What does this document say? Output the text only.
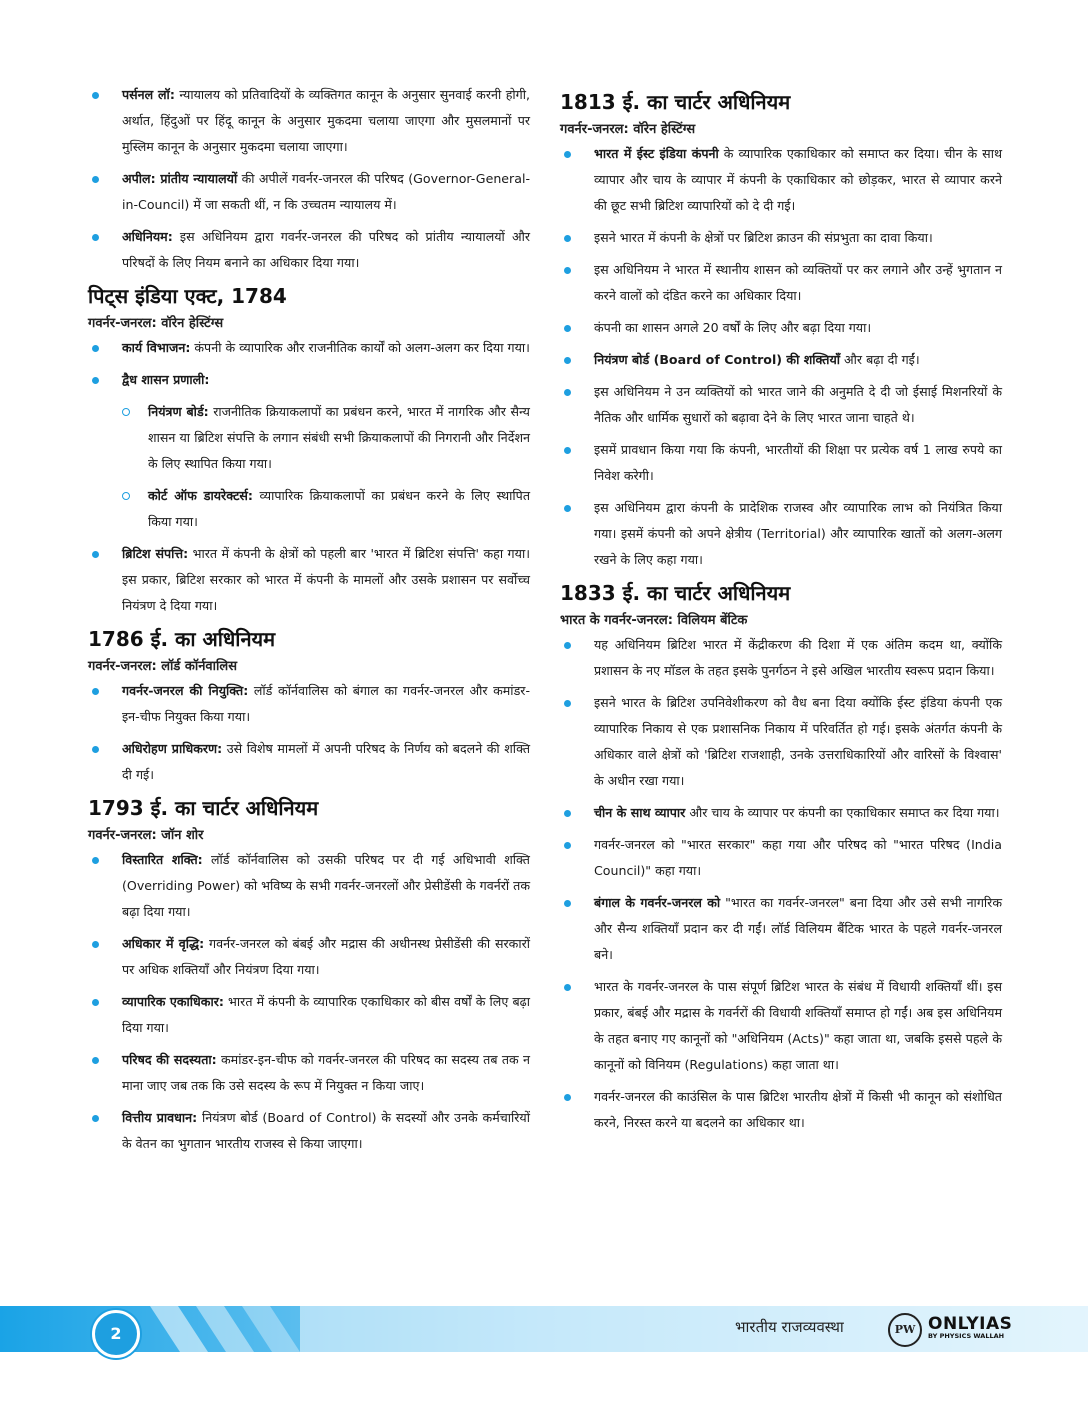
पर्सनल लॉ: न्यायालय को प्रतिवादियों के व्यक्तिगत कानून के अनुसार सुनवाई करनी होगी, अर्थात, हिंदुओं पर हिंदू कानून के अनुसार मुकदमा चलाया जाएगा और मुसलमानों पर मुस्लिम कानून के अनुसार मुकदमा चलाया जाएगा।
अपील: प्रांतीय न्यायालयों की अपीलें गवर्नर-जनरल की परिषद (Governor-General-in-Council) में जा सकती थीं, न कि उच्चतम न्यायालय में।
अधिनियम: इस अधिनियम द्वारा गवर्नर-जनरल की परिषद को प्रांतीय न्यायालयों और परिषदों के लिए नियम बनाने का अधिकार दिया गया।
पिट्स इंडिया एक्ट, 1784
गवर्नर-जनरल: वॉरेन हेस्टिंग्स
कार्य विभाजन: कंपनी के व्यापारिक और राजनीतिक कार्यों को अलग-अलग कर दिया गया।
द्वैध शासन प्रणाली:
नियंत्रण बोर्ड: राजनीतिक क्रियाकलापों का प्रबंधन करने, भारत में नागरिक और सैन्य शासन या ब्रिटिश संपत्ति के लगान संबंधी सभी क्रियाकलापों की निगरानी और निर्देशन के लिए स्थापित किया गया।
कोर्ट ऑफ डायरेक्टर्स: व्यापारिक क्रियाकलापों का प्रबंधन करने के लिए स्थापित किया गया।
ब्रिटिश संपत्ति: भारत में कंपनी के क्षेत्रों को पहली बार 'भारत में ब्रिटिश संपत्ति' कहा गया। इस प्रकार, ब्रिटिश सरकार को भारत में कंपनी के मामलों और उसके प्रशासन पर सर्वोच्च नियंत्रण दे दिया गया।
1786 ई. का अधिनियम
गवर्नर-जनरल: लॉर्ड कॉर्नवालिस
गवर्नर-जनरल की नियुक्ति: लॉर्ड कॉर्नवालिस को बंगाल का गवर्नर-जनरल और कमांडर-इन-चीफ नियुक्त किया गया।
अधिरोहण प्राधिकरण: उसे विशेष मामलों में अपनी परिषद के निर्णय को बदलने की शक्ति दी गई।
1793 ई. का चार्टर अधिनियम
गवर्नर-जनरल: जॉन शोर
विस्तारित शक्ति: लॉर्ड कॉर्नवालिस को उसकी परिषद पर दी गई अधिभावी शक्ति (Overriding Power) को भविष्य के सभी गवर्नर-जनरलों और प्रेसीडेंसी के गवर्नरों तक बढ़ा दिया गया।
अधिकार में वृद्धि: गवर्नर-जनरल को बंबई और मद्रास की अधीनस्थ प्रेसीडेंसी की सरकारों पर अधिक शक्तियाँ और नियंत्रण दिया गया।
व्यापारिक एकाधिकार: भारत में कंपनी के व्यापारिक एकाधिकार को बीस वर्षों के लिए बढ़ा दिया गया।
परिषद की सदस्यता: कमांडर-इन-चीफ को गवर्नर-जनरल की परिषद का सदस्य तब तक न माना जाए जब तक कि उसे सदस्य के रूप में नियुक्त न किया जाए।
वित्तीय प्रावधान: नियंत्रण बोर्ड (Board of Control) के सदस्यों और उनके कर्मचारियों के वेतन का भुगतान भारतीय राजस्व से किया जाएगा।
1813 ई. का चार्टर अधिनियम
गवर्नर-जनरल: वॉरेन हेस्टिंग्स
भारत में ईस्ट इंडिया कंपनी के व्यापारिक एकाधिकार को समाप्त कर दिया। चीन के साथ व्यापार और चाय के व्यापार में कंपनी के एकाधिकार को छोड़कर, भारत से व्यापार करने की छूट सभी ब्रिटिश व्यापारियों को दे दी गई।
इसने भारत में कंपनी के क्षेत्रों पर ब्रिटिश क्राउन की संप्रभुता का दावा किया।
इस अधिनियम ने भारत में स्थानीय शासन को व्यक्तियों पर कर लगाने और उन्हें भुगतान न करने वालों को दंडित करने का अधिकार दिया।
कंपनी का शासन अगले 20 वर्षों के लिए और बढ़ा दिया गया।
नियंत्रण बोर्ड (Board of Control) की शक्तियाँ और बढ़ा दी गईं।
इस अधिनियम ने उन व्यक्तियों को भारत जाने की अनुमति दे दी जो ईसाई मिशनरियों के नैतिक और धार्मिक सुधारों को बढ़ावा देने के लिए भारत जाना चाहते थे।
इसमें प्रावधान किया गया कि कंपनी, भारतीयों की शिक्षा पर प्रत्येक वर्ष 1 लाख रुपये का निवेश करेगी।
इस अधिनियम द्वारा कंपनी के प्रादेशिक राजस्व और व्यापारिक लाभ को नियंत्रित किया गया। इसमें कंपनी को अपने क्षेत्रीय (Territorial) और व्यापारिक खातों को अलग-अलग रखने के लिए कहा गया।
1833 ई. का चार्टर अधिनियम
भारत के गवर्नर-जनरल: विलियम बेंटिक
यह अधिनियम ब्रिटिश भारत में केंद्रीकरण की दिशा में एक अंतिम कदम था, क्योंकि प्रशासन के नए मॉडल के तहत इसके पुनर्गठन ने इसे अखिल भारतीय स्वरूप प्रदान किया।
इसने भारत के ब्रिटिश उपनिवेशीकरण को वैध बना दिया क्योंकि ईस्ट इंडिया कंपनी एक व्यापारिक निकाय से एक प्रशासनिक निकाय में परिवर्तित हो गई। इसके अंतर्गत कंपनी के अधिकार वाले क्षेत्रों को 'ब्रिटिश राजशाही, उनके उत्तराधिकारियों और वारिसों के विश्वास' के अधीन रखा गया।
चीन के साथ व्यापार और चाय के व्यापार पर कंपनी का एकाधिकार समाप्त कर दिया गया।
गवर्नर-जनरल को "भारत सरकार" कहा गया और परिषद को "भारत परिषद (India Council)" कहा गया।
बंगाल के गवर्नर-जनरल को "भारत का गवर्नर-जनरल" बना दिया और उसे सभी नागरिक और सैन्य शक्तियाँ प्रदान कर दी गईं। लॉर्ड विलियम बैंटिक भारत के पहले गवर्नर-जनरल बने।
भारत के गवर्नर-जनरल के पास संपूर्ण ब्रिटिश भारत के संबंध में विधायी शक्तियाँ थीं। इस प्रकार, बंबई और मद्रास के गवर्नरों की विधायी शक्तियाँ समाप्त हो गईं। अब इस अधिनियम के तहत बनाए गए कानूनों को "अधिनियम (Acts)" कहा जाता था, जबकि इससे पहले के कानूनों को विनियम (Regulations) कहा जाता था।
गवर्नर-जनरल की काउंसिल के पास ब्रिटिश भारतीय क्षेत्रों में किसी भी कानून को संशोधित करने, निरस्त करने या बदलने का अधिकार था।
2	भारतीय राजव्यवस्था	PW ONLYIAS
BY PHYSICS WALLAH
